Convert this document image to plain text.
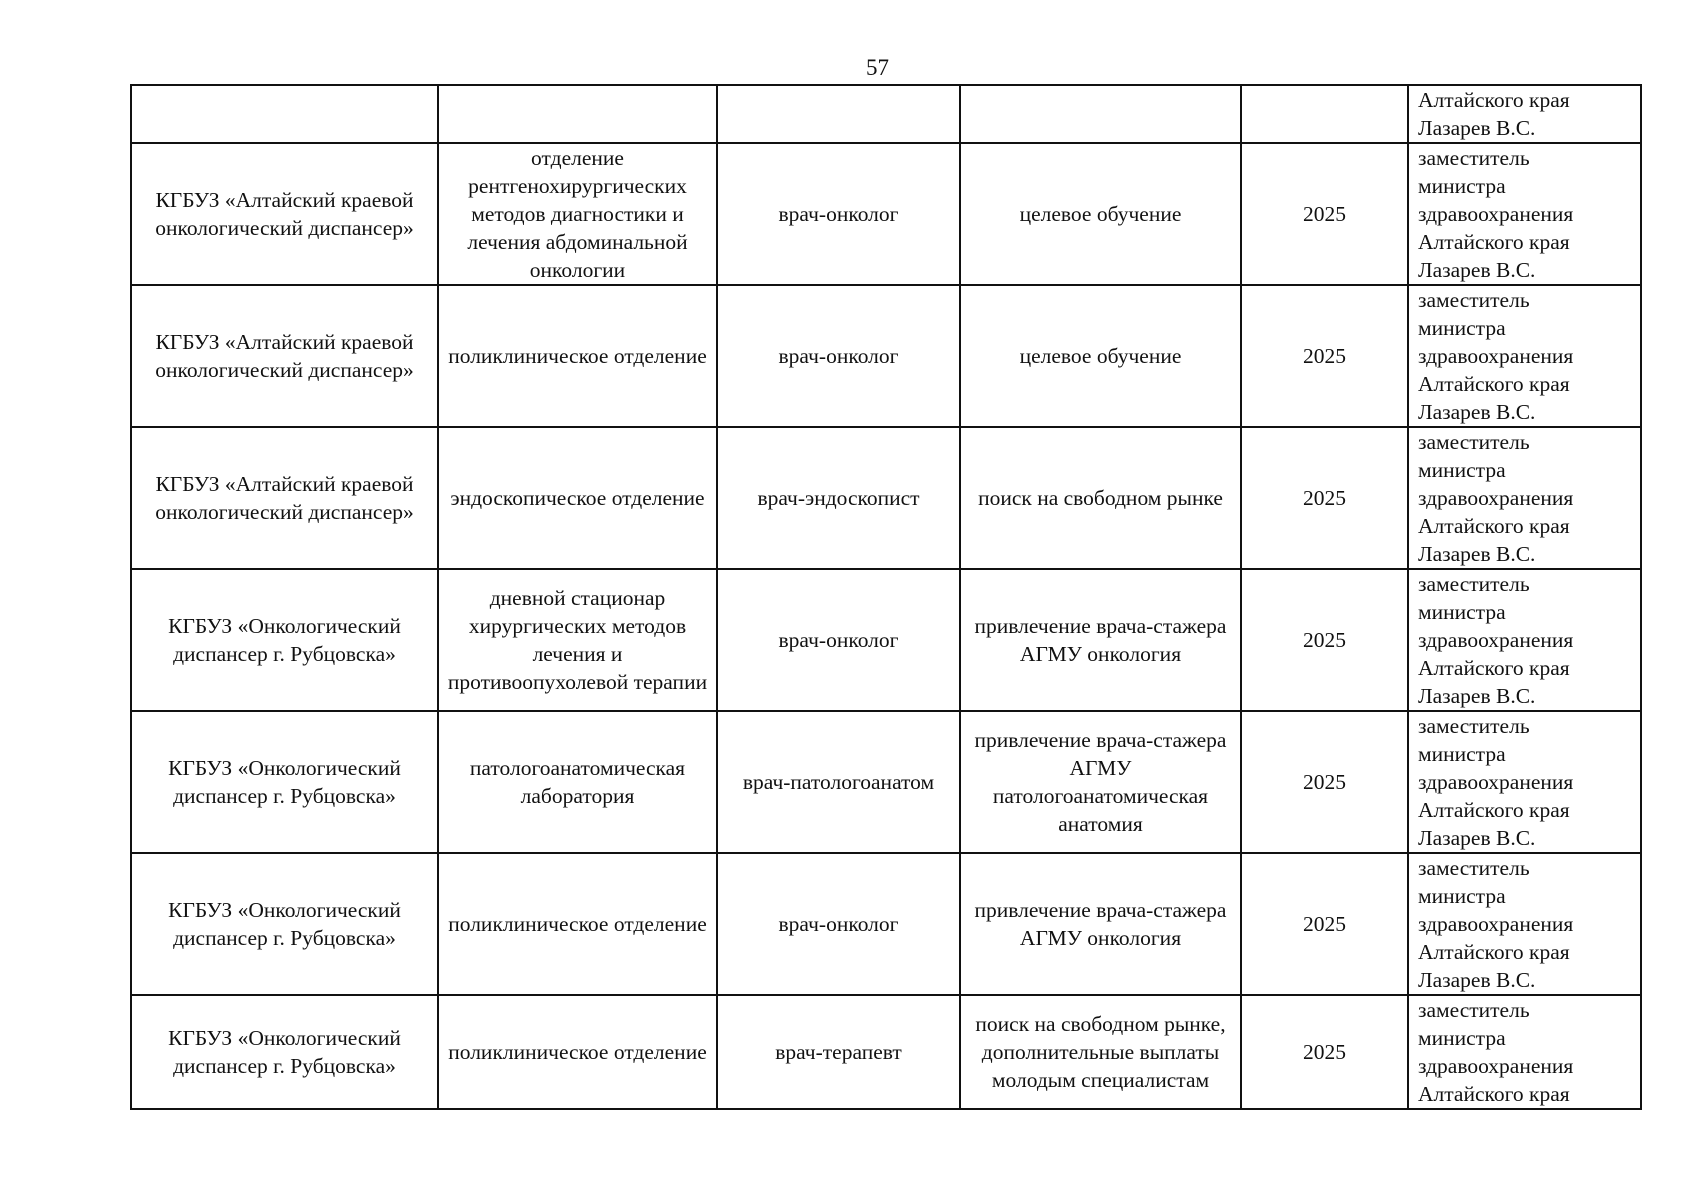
57

					Алтайского края
Лазарев В.С.

КГБУЗ «Алтайский краевой онкологический диспансер»	отделение рентгенохирургических методов диагностики и лечения абдоминальной онкологии	врач-онколог	целевое обучение	2025	заместитель
министра
здравоохранения
Алтайского края
Лазарев В.С.

КГБУЗ «Алтайский краевой онкологический диспансер»	поликлиническое отделение	врач-онколог	целевое обучение	2025	заместитель
министра
здравоохранения
Алтайского края
Лазарев В.С.

КГБУЗ «Алтайский краевой онкологический диспансер»	эндоскопическое отделение	врач-эндоскопист	поиск на свободном рынке	2025	заместитель
министра
здравоохранения
Алтайского края
Лазарев В.С.

КГБУЗ «Онкологический диспансер г. Рубцовска»	дневной стационар хирургических методов лечения и противоопухолевой терапии	врач-онколог	привлечение врача-стажера АГМУ онкология	2025	заместитель
министра
здравоохранения
Алтайского края
Лазарев В.С.

КГБУЗ «Онкологический диспансер г. Рубцовска»	патологоанатомическая лаборатория	врач-патологоанатом	привлечение врача-стажера АГМУ патологоанатомическая анатомия	2025	заместитель
министра
здравоохранения
Алтайского края
Лазарев В.С.

КГБУЗ «Онкологический диспансер г. Рубцовска»	поликлиническое отделение	врач-онколог	привлечение врача-стажера АГМУ онкология	2025	заместитель
министра
здравоохранения
Алтайского края
Лазарев В.С.

КГБУЗ «Онкологический диспансер г. Рубцовска»	поликлиническое отделение	врач-терапевт	поиск на свободном рынке, дополнительные выплаты молодым специалистам	2025	заместитель
министра
здравоохранения
Алтайского края
